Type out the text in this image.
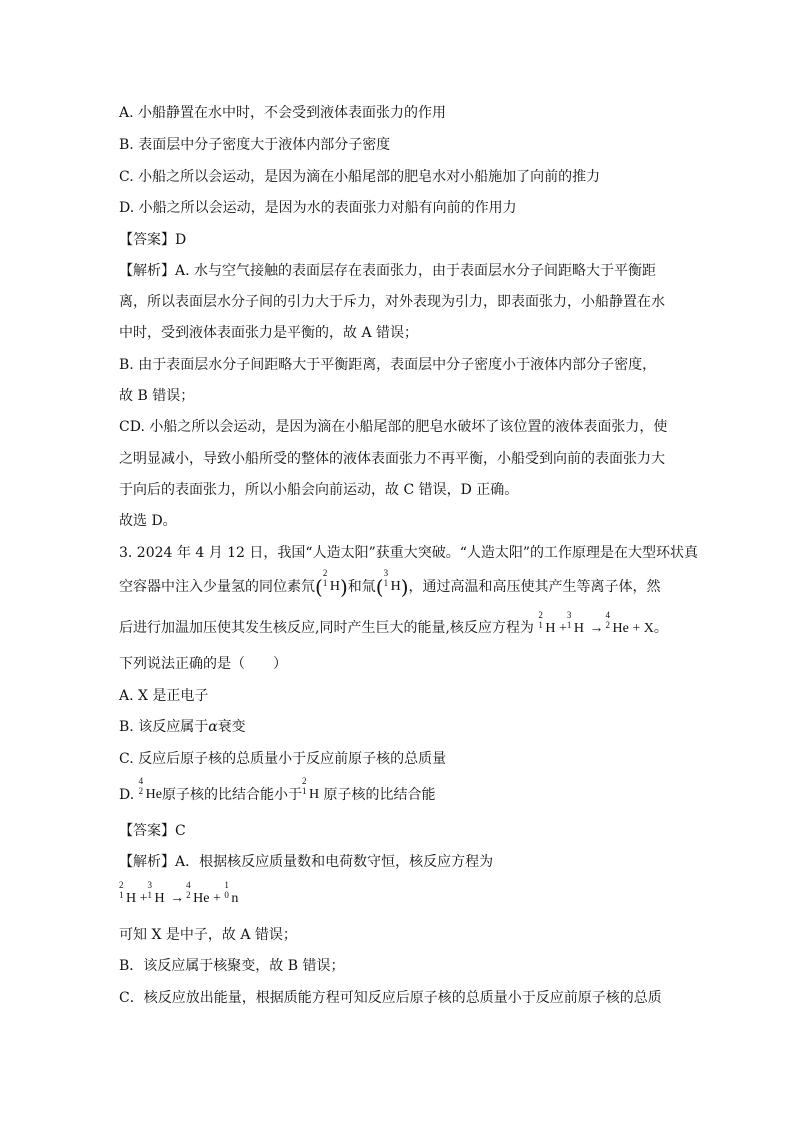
A. 小船静置在水中时，不会受到液体表面张力的作用
B. 表面层中分子密度大于液体内部分子密度
C. 小船之所以会运动，是因为滴在小船尾部的肥皂水对小船施加了向前的推力
D. 小船之所以会运动，是因为水的表面张力对船有向前的作用力
【答案】D
【解析】A. 水与空气接触的表面层存在表面张力，由于表面层水分子间距略大于平衡距
离，所以表面层水分子间的引力大于斥力，对外表现为引力，即表面张力，小船静置在水
中时，受到液体表面张力是平衡的，故 A 错误；
B. 由于表面层水分子间距略大于平衡距离，表面层中分子密度小于液体内部分子密度，
故 B 错误；
CD. 小船之所以会运动，是因为滴在小船尾部的肥皂水破坏了该位置的液体表面张力，使
之明显减小，导致小船所受的整体的液体表面张力不再平衡，小船受到向前的表面张力大
于向后的表面张力，所以小船会向前运动，故 C 错误，D 正确。
故选 D。
3. 2024 年 4 月 12 日，我国“人造太阳”获重大突破。“人造太阳”的工作原理是在大型环状真
空容器中注入少量氢的同位素氘(
2
1 H)和氚(
3
1 H)，通过高温和高压使其产生等离子体，然
后进行加温加压使其发生核反应,同时产生巨大的能量,核反应方程为
2
1 H +
3
1 H →
4
2 He + X。
下列说法正确的是（　　）
A. X 是正电子
B. 该反应属于α衰变
C. 反应后原子核的总质量小于反应前原子核的总质量
D.
4
2 He原子核的比结合能小于
2
1 H 原子核的比结合能
【答案】C
【解析】A．根据核反应质量数和电荷数守恒，核反应方程为
2
1 H +
3
1 H →
4
2 He +
1
0 n
可知 X 是中子，故 A 错误；
B．该反应属于核聚变，故 B 错误；
C．核反应放出能量，根据质能方程可知反应后原子核的总质量小于反应前原子核的总质
